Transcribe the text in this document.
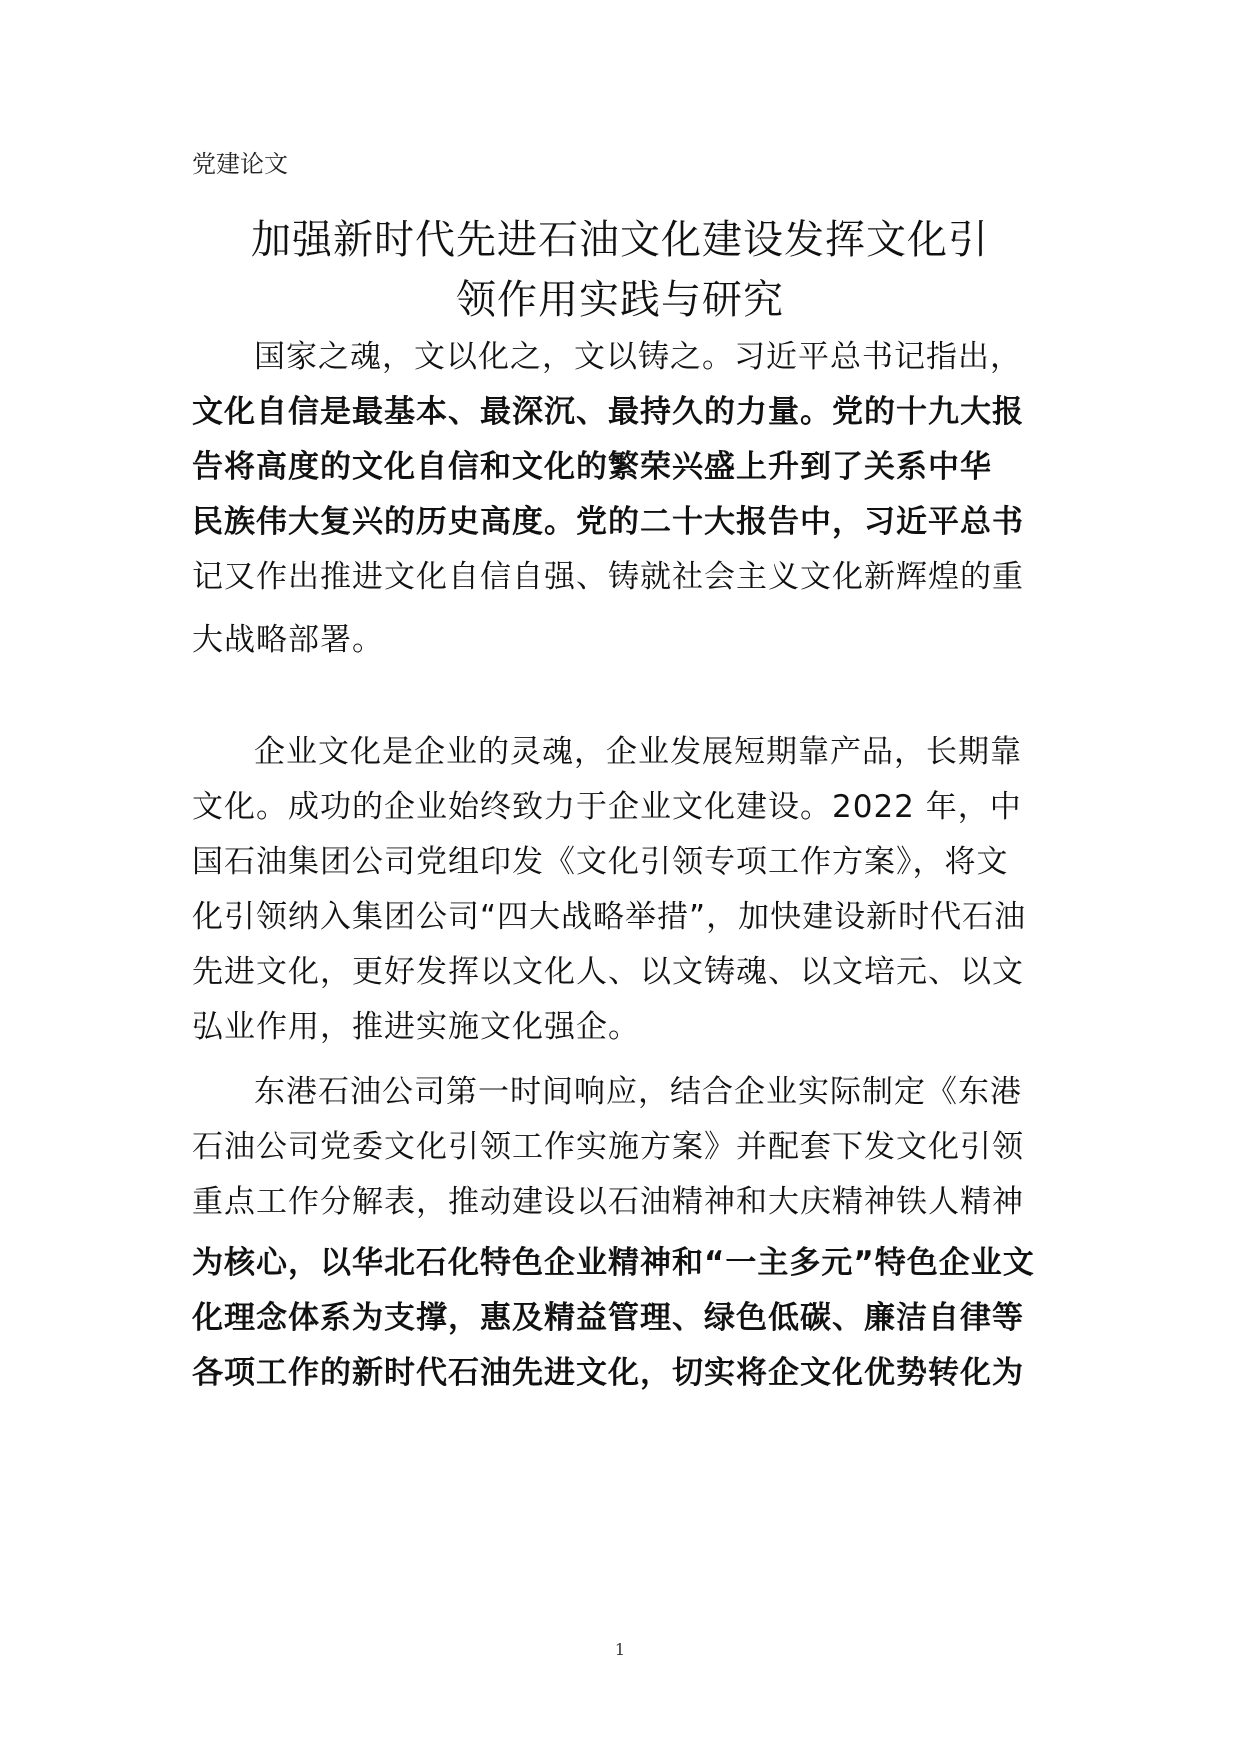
党建论文
加强新时代先进石油文化建设发挥文化引
领作用实践与研究
国家之魂，文以化之，文以铸之。习近平总书记指出，
文化自信是最基本、最深沉、最持久的力量。党的十九大报
告将高度的文化自信和文化的繁荣兴盛上升到了关系中华
民族伟大复兴的历史高度。党的二十大报告中，习近平总书
记又作出推进文化自信自强、铸就社会主义文化新辉煌的重
大战略部署。
企业文化是企业的灵魂，企业发展短期靠产品，长期靠
文化。成功的企业始终致力于企业文化建设。2022 年，中
国石油集团公司党组印发《文化引领专项工作方案》，将文
化引领纳入集团公司“四大战略举措”，加快建设新时代石油
先进文化，更好发挥以文化人、以文铸魂、以文培元、以文
弘业作用，推进实施文化强企。
东港石油公司第一时间响应，结合企业实际制定《东港
石油公司党委文化引领工作实施方案》并配套下发文化引领
重点工作分解表，推动建设以石油精神和大庆精神铁人精神
为核心，以华北石化特色企业精神和“一主多元”特色企业文
化理念体系为支撑，惠及精益管理、绿色低碳、廉洁自律等
各项工作的新时代石油先进文化，切实将企文化优势转化为
1
